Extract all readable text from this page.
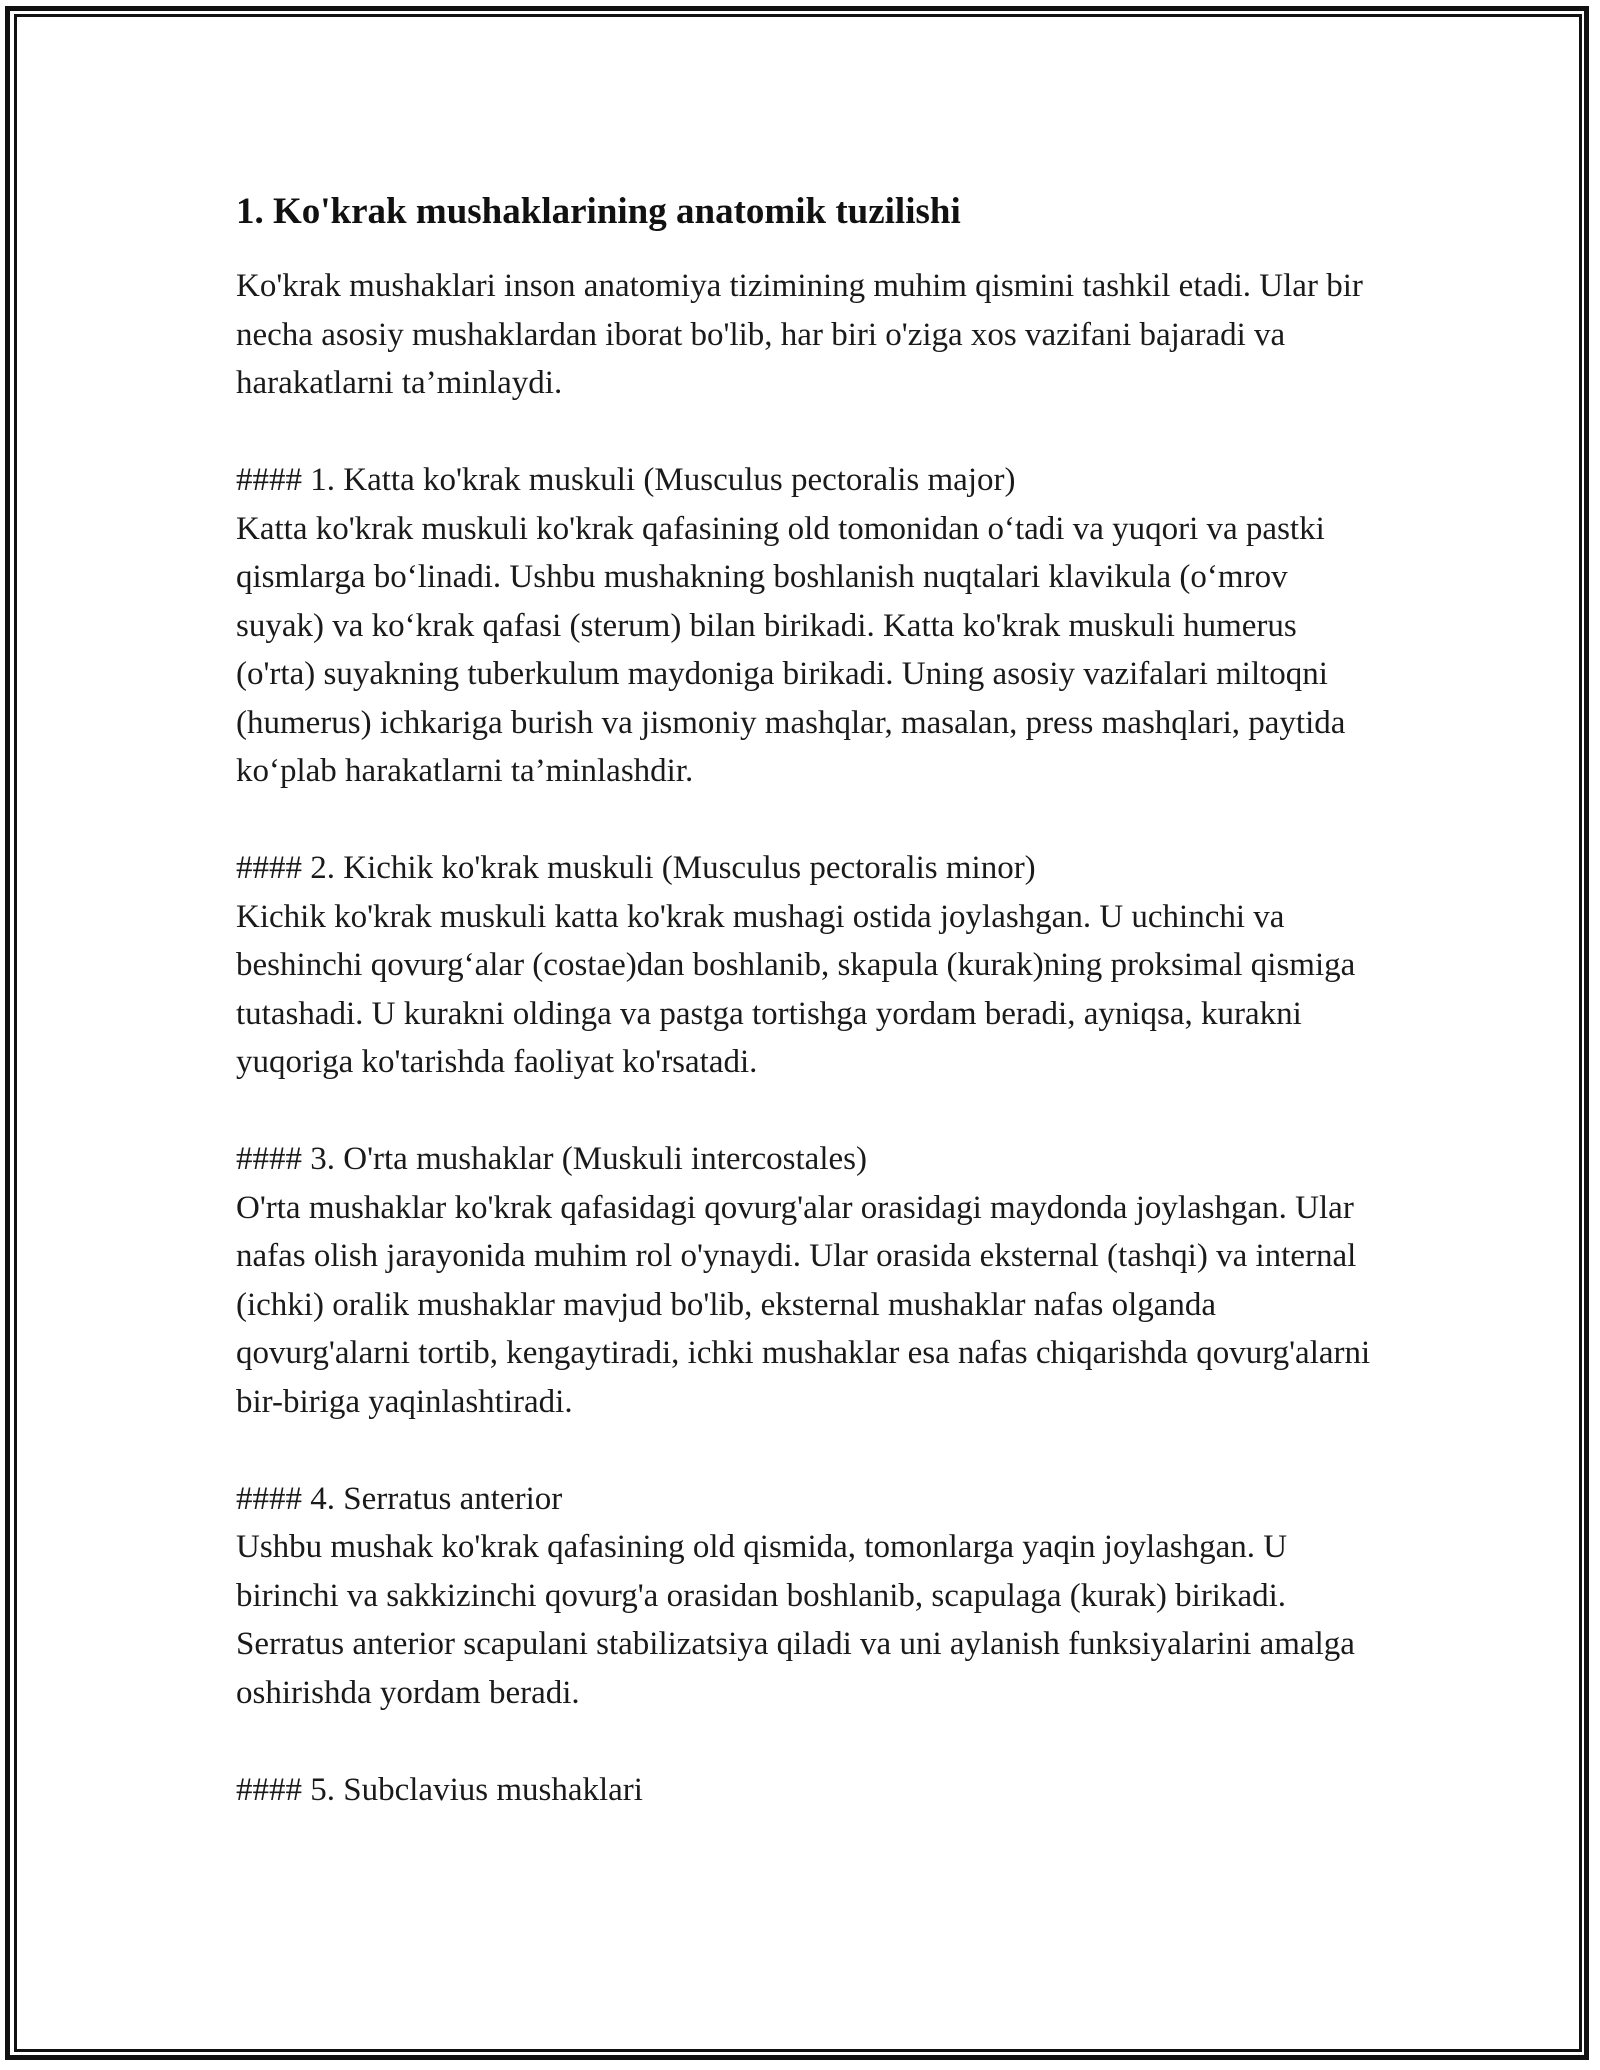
1. Ko'krak mushaklarining anatomik tuzilishi

Ko'krak mushaklari inson anatomiya tizimining muhim qismini tashkil etadi. Ular bir necha asosiy mushaklardan iborat bo'lib, har biri o'ziga xos vazifani bajaradi va harakatlarni ta’minlaydi.

#### 1. Katta ko'krak muskuli (Musculus pectoralis major)

Katta ko'krak muskuli ko'krak qafasining old tomonidan o‘tadi va yuqori va pastki qismlarga bo‘linadi. Ushbu mushakning boshlanish nuqtalari klavikula (o‘mrov suyak) va ko‘krak qafasi (sterum) bilan birikadi. Katta ko'krak muskuli humerus (o'rta) suyakning tuberkulum maydoniga birikadi. Uning asosiy vazifalari miltoqni (humerus) ichkariga burish va jismoniy mashqlar, masalan, press mashqlari, paytida ko‘plab harakatlarni ta’minlashdir.

#### 2. Kichik ko'krak muskuli (Musculus pectoralis minor)

Kichik ko'krak muskuli katta ko'krak mushagi ostida joylashgan. U uchinchi va beshinchi qovurg‘alar (costae)dan boshlanib, skapula (kurak)ning proksimal qismiga tutashadi. U kurakni oldinga va pastga tortishga yordam beradi, ayniqsa, kurakni yuqoriga ko'tarishda faoliyat ko'rsatadi.

#### 3. O'rta mushaklar (Muskuli intercostales)

O'rta mushaklar ko'krak qafasidagi qovurg'alar orasidagi maydonda joylashgan. Ular nafas olish jarayonida muhim rol o'ynaydi. Ular orasida eksternal (tashqi) va internal (ichki) oralik mushaklar mavjud bo'lib, eksternal mushaklar nafas olganda qovurg'alarni tortib, kengaytiradi, ichki mushaklar esa nafas chiqarishda qovurg'alarni bir-biriga yaqinlashtiradi.

#### 4. Serratus anterior

Ushbu mushak ko'krak qafasining old qismida, tomonlarga yaqin joylashgan. U birinchi va sakkizinchi qovurg'a orasidan boshlanib, scapulaga (kurak) birikadi. Serratus anterior scapulani stabilizatsiya qiladi va uni aylanish funksiyalarini amalga oshirishda yordam beradi.

#### 5. Subclavius mushaklari
